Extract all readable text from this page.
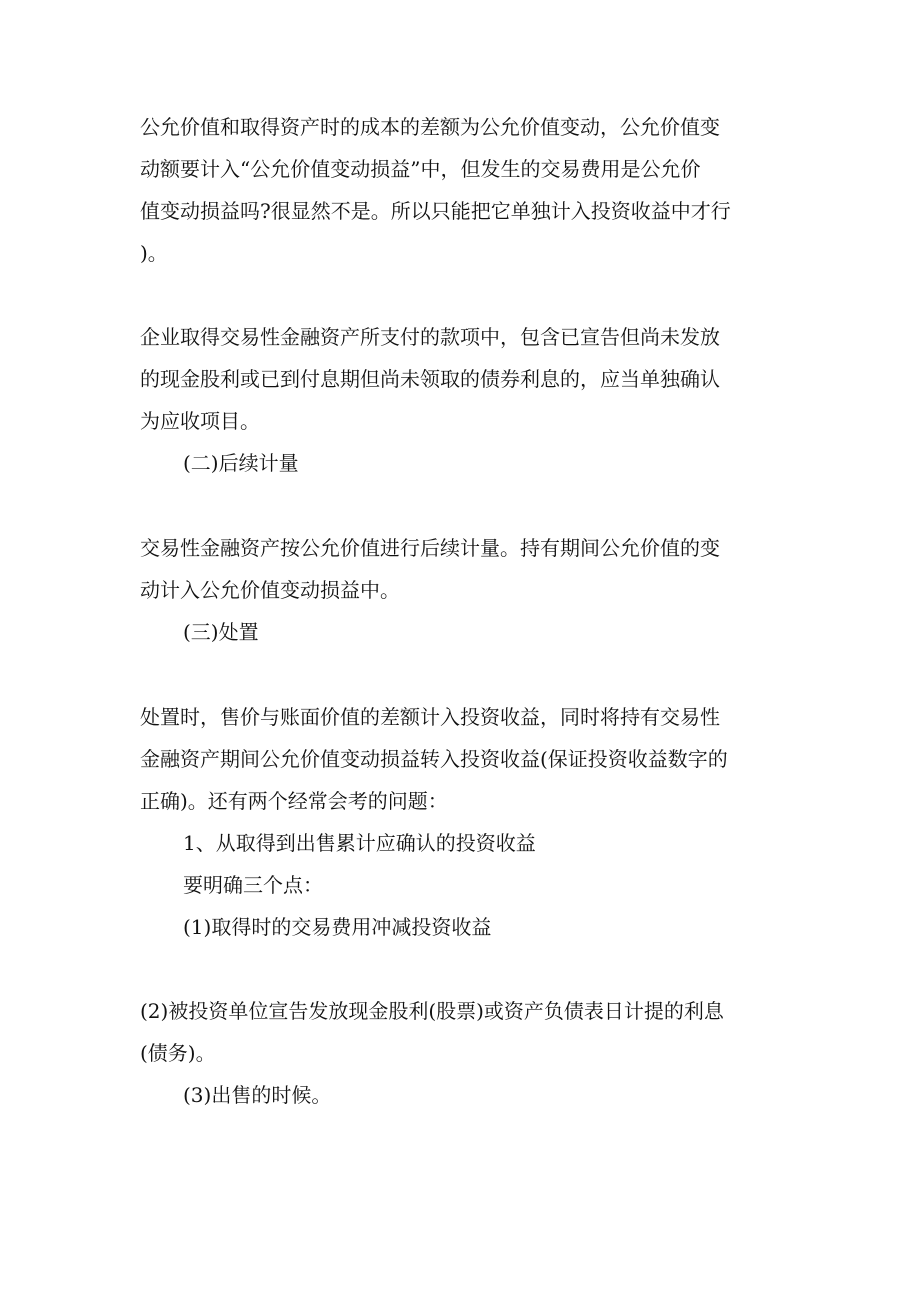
公允价值和取得资产时的成本的差额为公允价值变动，公允价值变

动额要计入“公允价值变动损益”中，但发生的交易费用是公允价

值变动损益吗?很显然不是。所以只能把它单独计入投资收益中才行

)。

企业取得交易性金融资产所支付的款项中，包含已宣告但尚未发放

的现金股利或已到付息期但尚未领取的债券利息的，应当单独确认

为应收项目。

(二)后续计量

交易性金融资产按公允价值进行后续计量。持有期间公允价值的变

动计入公允价值变动损益中。

(三)处置

处置时，售价与账面价值的差额计入投资收益，同时将持有交易性

金融资产期间公允价值变动损益转入投资收益(保证投资收益数字的

正确)。还有两个经常会考的问题：

1、从取得到出售累计应确认的投资收益

要明确三个点：

(1)取得时的交易费用冲减投资收益

(2)被投资单位宣告发放现金股利(股票)或资产负债表日计提的利息

(债务)。

(3)出售的时候。
